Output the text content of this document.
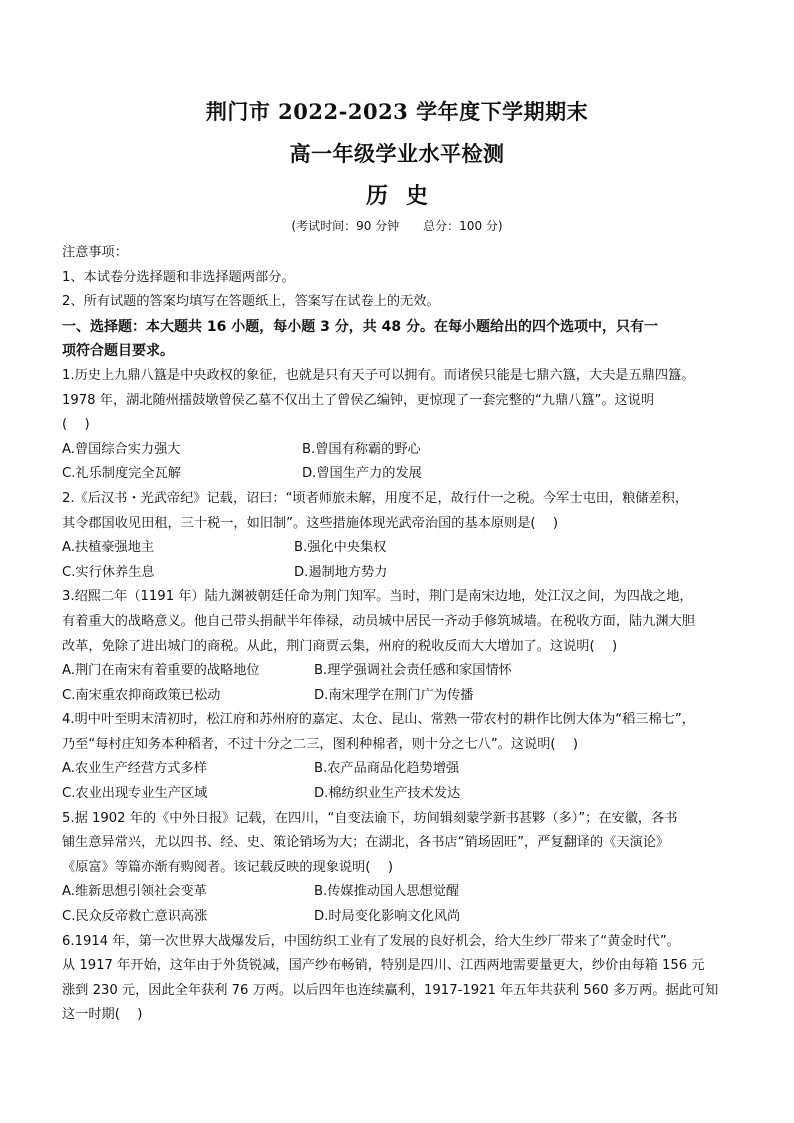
荆门市 2022-2023 学年度下学期期末
高一年级学业水平检测
历史
(考试时间：90 分钟　　总分：100 分)
注意事项：
1、本试卷分选择题和非选择题两部分。
2、所有试题的答案均填写在答题纸上，答案写在试卷上的无效。
一、选择题：本大题共 16 小题，每小题 3 分，共 48 分。在每小题给出的四个选项中，只有一
项符合题目要求。
1.历史上九鼎八簋是中央政权的象征，也就是只有天子可以拥有。而诸侯只能是七鼎六簋，大夫是五鼎四簋。
1978 年，湖北随州擂鼓墩曾侯乙墓不仅出土了曾侯乙编钟，更惊现了一套完整的“九鼎八簋”。这说明
(　 )
A.曾国综合实力强大	B.曾国有称霸的野心
C.礼乐制度完全瓦解	D.曾国生产力的发展
2.《后汉书・光武帝纪》记载，诏曰：“顷者师旅未解，用度不足，故行什一之税。今军士屯田，粮储差积，
其令郡国收见田租，三十税一，如旧制”。这些措施体现光武帝治国的基本原则是(　 )
A.扶植豪强地主	B.强化中央集权
C.实行休养生息	D.遏制地方势力
3.绍熙二年（1191 年）陆九渊被朝廷任命为荆门知军。当时，荆门是南宋边地，处江汉之间，为四战之地，
有着重大的战略意义。他自己带头捐献半年俸禄，动员城中居民一齐动手修筑城墙。在税收方面，陆九渊大胆
改革，免除了进出城门的商税。从此，荆门商贾云集，州府的税收反而大大增加了。这说明(　 )
A.荆门在南宋有着重要的战略地位	B.理学强调社会责任感和家国情怀
C.南宋重农抑商政策已松动	D.南宋理学在荆门广为传播
4.明中叶至明末清初时，松江府和苏州府的嘉定、太仓、昆山、常熟一带农村的耕作比例大体为“稻三棉七”，
乃至“每村庄知务本种稻者，不过十分之二三，图利种棉者，则十分之七八”。这说明(　 )
A.农业生产经营方式多样	B.农产品商品化趋势增强
C.农业出现专业生产区域	D.棉纺织业生产技术发达
5.据 1902 年的《中外日报》记载，在四川，“自变法谕下，坊间辑刻蒙学新书甚夥（多）”；在安徽，各书
铺生意异常兴，尤以四书、经、史、策论销场为大；在湖北，各书店“销场固旺”，严复翻译的《天演论》
《原富》等篇亦渐有购阅者。该记载反映的现象说明(　 )
A.维新思想引领社会变革	B.传媒推动国人思想觉醒
C.民众反帝救亡意识高涨	D.时局变化影响文化风尚
6.1914 年，第一次世界大战爆发后，中国纺织工业有了发展的良好机会，给大生纱厂带来了“黄金时代”。
从 1917 年开始，这年由于外货锐减，国产纱布畅销，特别是四川、江西两地需要量更大，纱价由每箱 156 元
涨到 230 元，因此全年获利 76 万两。以后四年也连续赢利，1917-1921 年五年共获利 560 多万两。据此可知
这一时期(　 )
